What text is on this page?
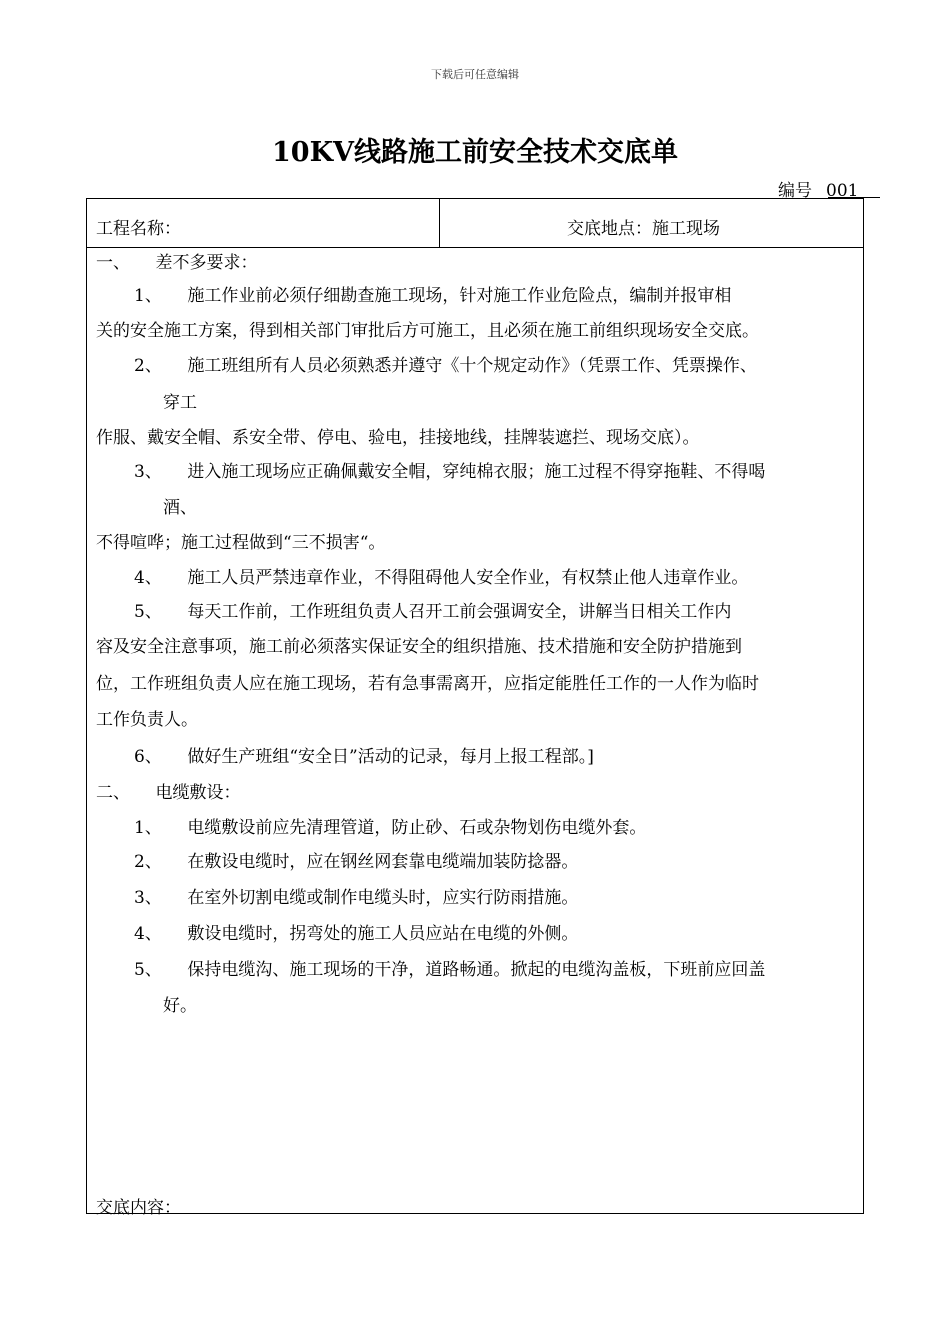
下载后可任意编辑
10KV线路施工前安全技术交底单
编号 001
工程名称：	交底地点：施工现场
一、　　差不多要求：
1、　　施工作业前必须仔细勘查施工现场，针对施工作业危险点，编制并报审相
关的安全施工方案，得到相关部门审批后方可施工，且必须在施工前组织现场安全交底。
2、　　施工班组所有人员必须熟悉并遵守《十个规定动作》（凭票工作、凭票操作、
穿工
作服、戴安全帽、系安全带、停电、验电，挂接地线，挂牌装遮拦、现场交底）。
3、　　进入施工现场应正确佩戴安全帽，穿纯棉衣服；施工过程不得穿拖鞋、不得喝
酒、
不得喧哗；施工过程做到“三不损害“。
4、　　施工人员严禁违章作业，不得阻碍他人安全作业，有权禁止他人违章作业。
5、　　每天工作前，工作班组负责人召开工前会强调安全，讲解当日相关工作内
容及安全注意事项，施工前必须落实保证安全的组织措施、技术措施和安全防护措施到
位，工作班组负责人应在施工现场，若有急事需离开，应指定能胜任工作的一人作为临时
工作负责人。
6、　　做好生产班组“安全日”活动的记录，每月上报工程部。]
二、　　电缆敷设：
1、　　电缆敷设前应先清理管道，防止砂、石或杂物划伤电缆外套。
2、　　在敷设电缆时，应在钢丝网套靠电缆端加装防捻器。
3、　　在室外切割电缆或制作电缆头时，应实行防雨措施。
4、　　敷设电缆时，拐弯处的施工人员应站在电缆的外侧。
5、　　保持电缆沟、施工现场的干净，道路畅通。掀起的电缆沟盖板，下班前应回盖
好。
交底内容：
